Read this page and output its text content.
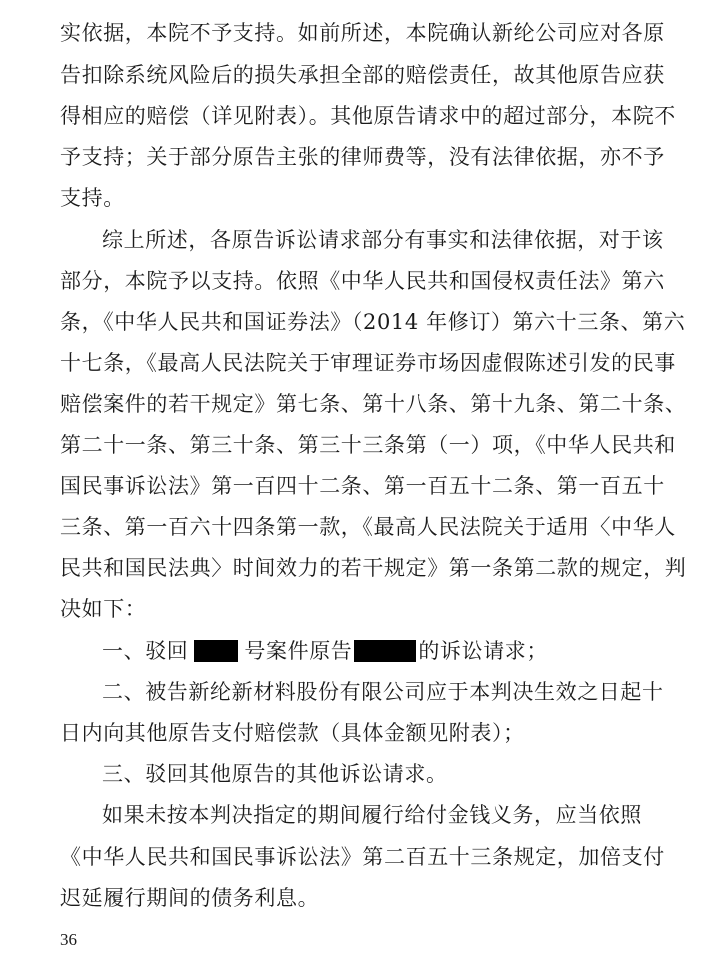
实依据，本院不予支持。如前所述，本院确认新纶公司应对各原
告扣除系统风险后的损失承担全部的赔偿责任，故其他原告应获
得相应的赔偿（详见附表）。其他原告请求中的超过部分，本院不
予支持；关于部分原告主张的律师费等，没有法律依据，亦不予
支持。
综上所述，各原告诉讼请求部分有事实和法律依据，对于该
部分，本院予以支持。依照《中华人民共和国侵权责任法》第六
条，《中华人民共和国证券法》（2014 年修订）第六十三条、第六
十七条，《最高人民法院关于审理证券市场因虚假陈述引发的民事
赔偿案件的若干规定》第七条、第十八条、第十九条、第二十条、
第二十一条、第三十条、第三十三条第（一）项，《中华人民共和
国民事诉讼法》第一百四十二条、第一百五十二条、第一百五十
三条、第一百六十四条第一款，《最高人民法院关于适用〈中华人
民共和国民法典〉时间效力的若干规定》第一条第二款的规定，判
决如下：
一、驳回	号案件原告	的诉讼请求；
二、被告新纶新材料股份有限公司应于本判决生效之日起十
日内向其他原告支付赔偿款（具体金额见附表）；
三、驳回其他原告的其他诉讼请求。
如果未按本判决指定的期间履行给付金钱义务，应当依照
《中华人民共和国民事诉讼法》第二百五十三条规定，加倍支付
迟延履行期间的债务利息。
36
